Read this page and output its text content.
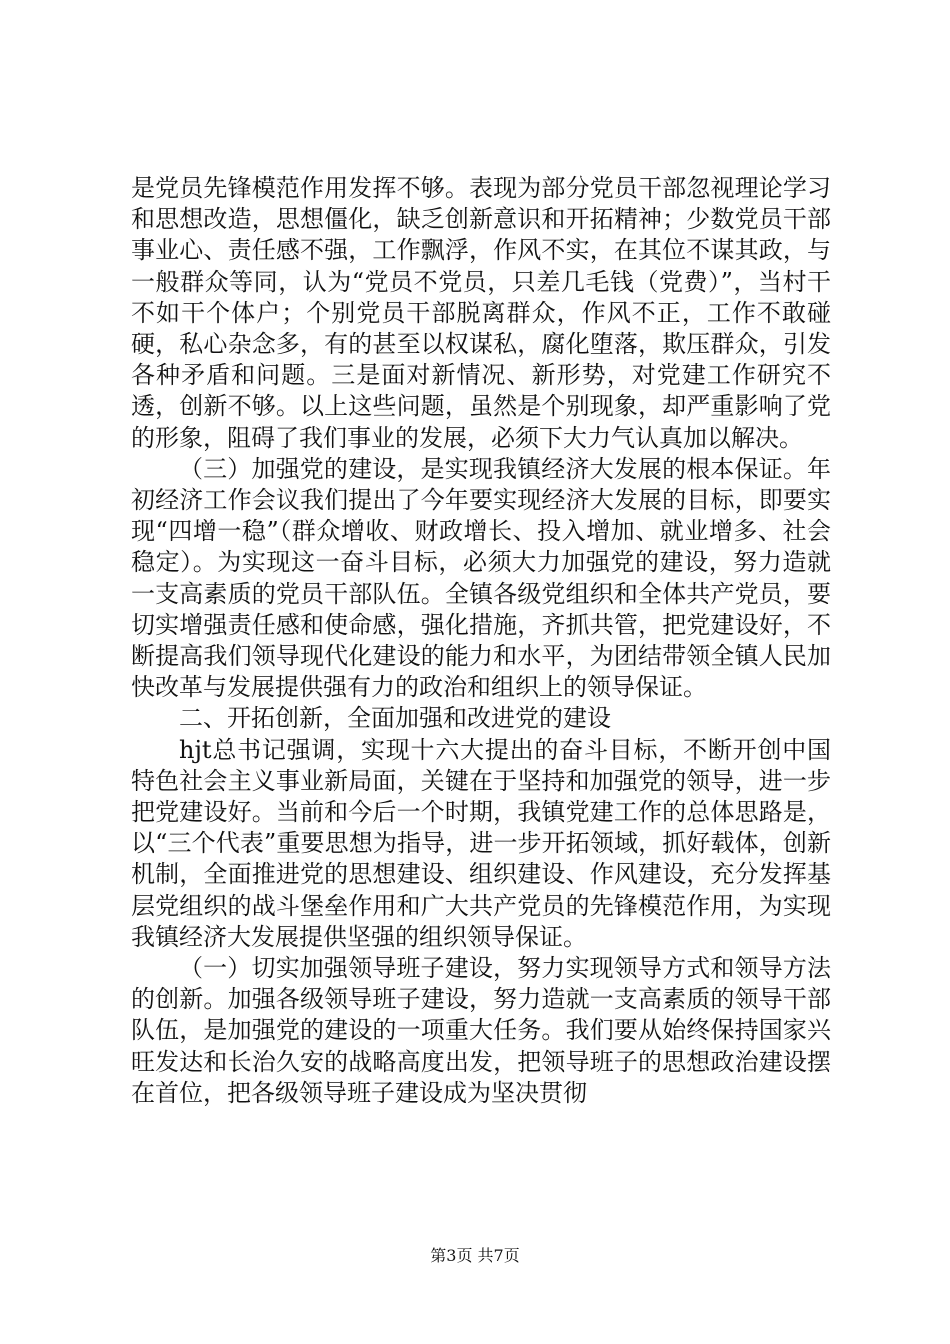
是党员先锋模范作用发挥不够。表现为部分党员干部忽视理论学习和思想改造，思想僵化，缺乏创新意识和开拓精神；少数党员干部事业心、责任感不强，工作飘浮，作风不实，在其位不谋其政，与一般群众等同，认为“党员不党员，只差几毛钱（党费）”，当村干不如干个体户；个别党员干部脱离群众，作风不正，工作不敢碰硬，私心杂念多，有的甚至以权谋私，腐化堕落，欺压群众，引发各种矛盾和问题。三是面对新情况、新形势，对党建工作研究不透，创新不够。以上这些问题，虽然是个别现象，却严重影响了党的形象，阻碍了我们事业的发展，必须下大力气认真加以解决。

（三）加强党的建设，是实现我镇经济大发展的根本保证。年初经济工作会议我们提出了今年要实现经济大发展的目标，即要实现“四增一稳”（群众增收、财政增长、投入增加、就业增多、社会稳定）。为实现这一奋斗目标，必须大力加强党的建设，努力造就一支高素质的党员干部队伍。全镇各级党组织和全体共产党员，要切实增强责任感和使命感，强化措施，齐抓共管，把党建设好，不断提高我们领导现代化建设的能力和水平，为团结带领全镇人民加快改革与发展提供强有力的政治和组织上的领导保证。

二、开拓创新，全面加强和改进党的建设

hjt总书记强调，实现十六大提出的奋斗目标，不断开创中国特色社会主义事业新局面，关键在于坚持和加强党的领导，进一步把党建设好。当前和今后一个时期，我镇党建工作的总体思路是，以“三个代表”重要思想为指导，进一步开拓领域，抓好载体，创新机制，全面推进党的思想建设、组织建设、作风建设，充分发挥基层党组织的战斗堡垒作用和广大共产党员的先锋模范作用，为实现我镇经济大发展提供坚强的组织领导保证。

（一）切实加强领导班子建设，努力实现领导方式和领导方法的创新。加强各级领导班子建设，努力造就一支高素质的领导干部队伍，是加强党的建设的一项重大任务。我们要从始终保持国家兴旺发达和长治久安的战略高度出发，把领导班子的思想政治建设摆在首位，把各级领导班子建设成为坚决贯彻

第3页 共7页
